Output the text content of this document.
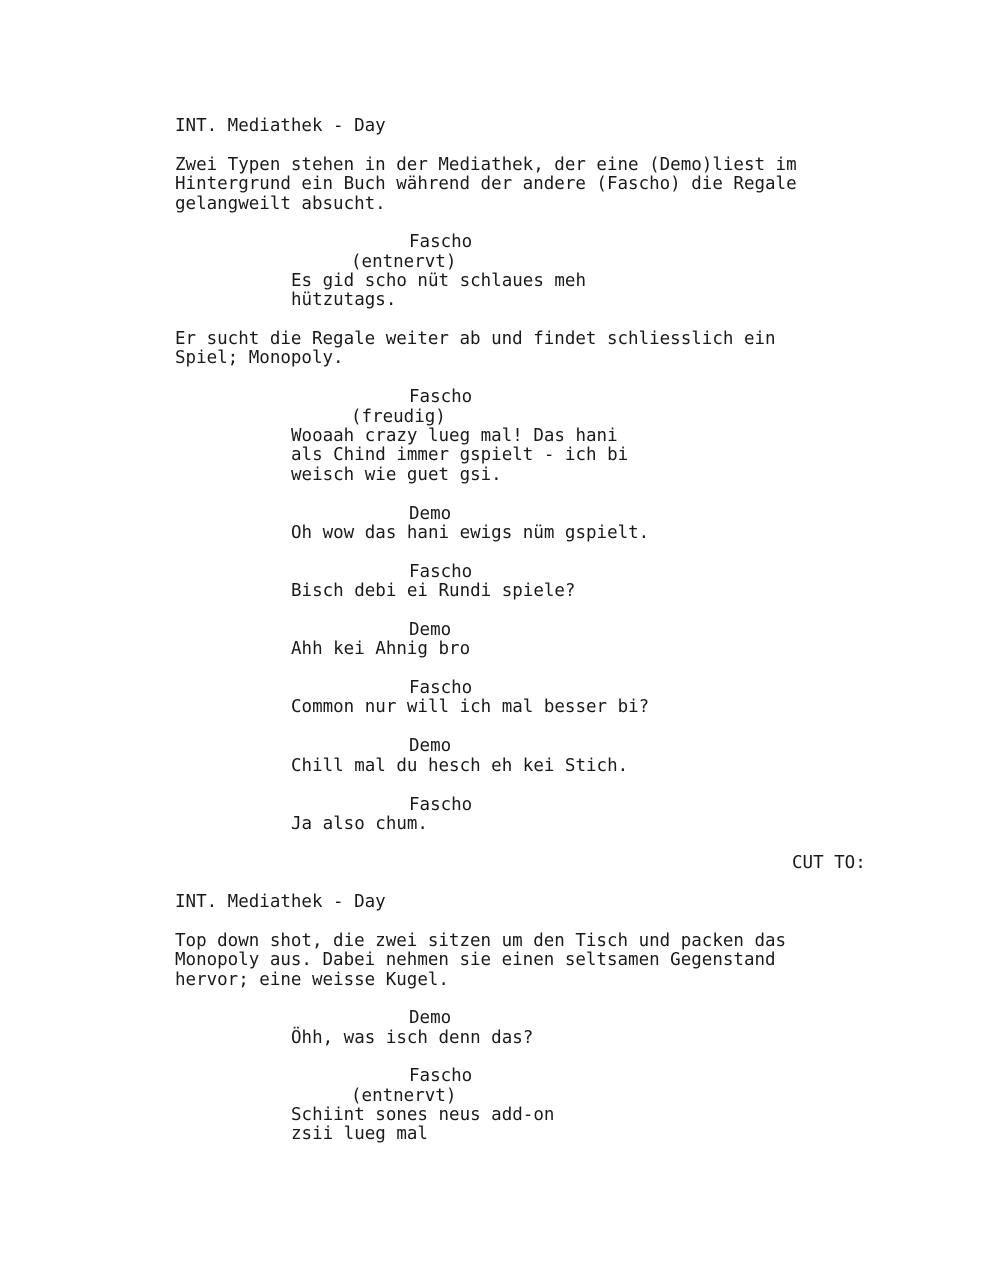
INT. Mediathek - Day
Zwei Typen stehen in der Mediathek, der eine (Demo)liest im
Hintergrund ein Buch während der andere (Fascho) die Regale
gelangweilt absucht.
Fascho
(entnervt)
Es gid scho nüt schlaues meh
hützutags.
Er sucht die Regale weiter ab und findet schliesslich ein
Spiel; Monopoly.
Fascho
(freudig)
Wooaah crazy lueg mal! Das hani
als Chind immer gspielt - ich bi
weisch wie guet gsi.
Demo
Oh wow das hani ewigs nüm gspielt.
Fascho
Bisch debi ei Rundi spiele?
Demo
Ahh kei Ahnig bro
Fascho
Common nur will ich mal besser bi?
Demo
Chill mal du hesch eh kei Stich.
Fascho
Ja also chum.
CUT TO:
INT. Mediathek - Day
Top down shot, die zwei sitzen um den Tisch und packen das
Monopoly aus. Dabei nehmen sie einen seltsamen Gegenstand
hervor; eine weisse Kugel.
Demo
Öhh, was isch denn das?
Fascho
(entnervt)
Schiint sones neus add-on
zsii lueg mal
